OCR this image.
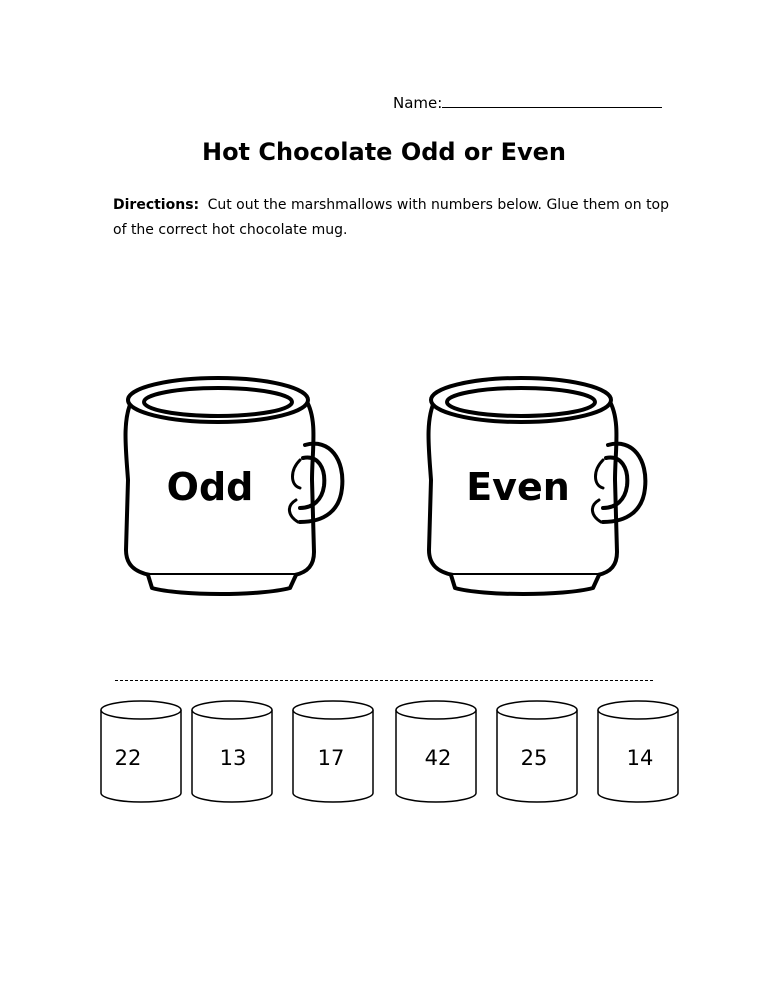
Name:
Hot Chocolate Odd or Even
Directions: Cut out the marshmallows with numbers below. Glue them on top of the correct hot chocolate mug.
Odd	Even
22	13	17	42	25	14
